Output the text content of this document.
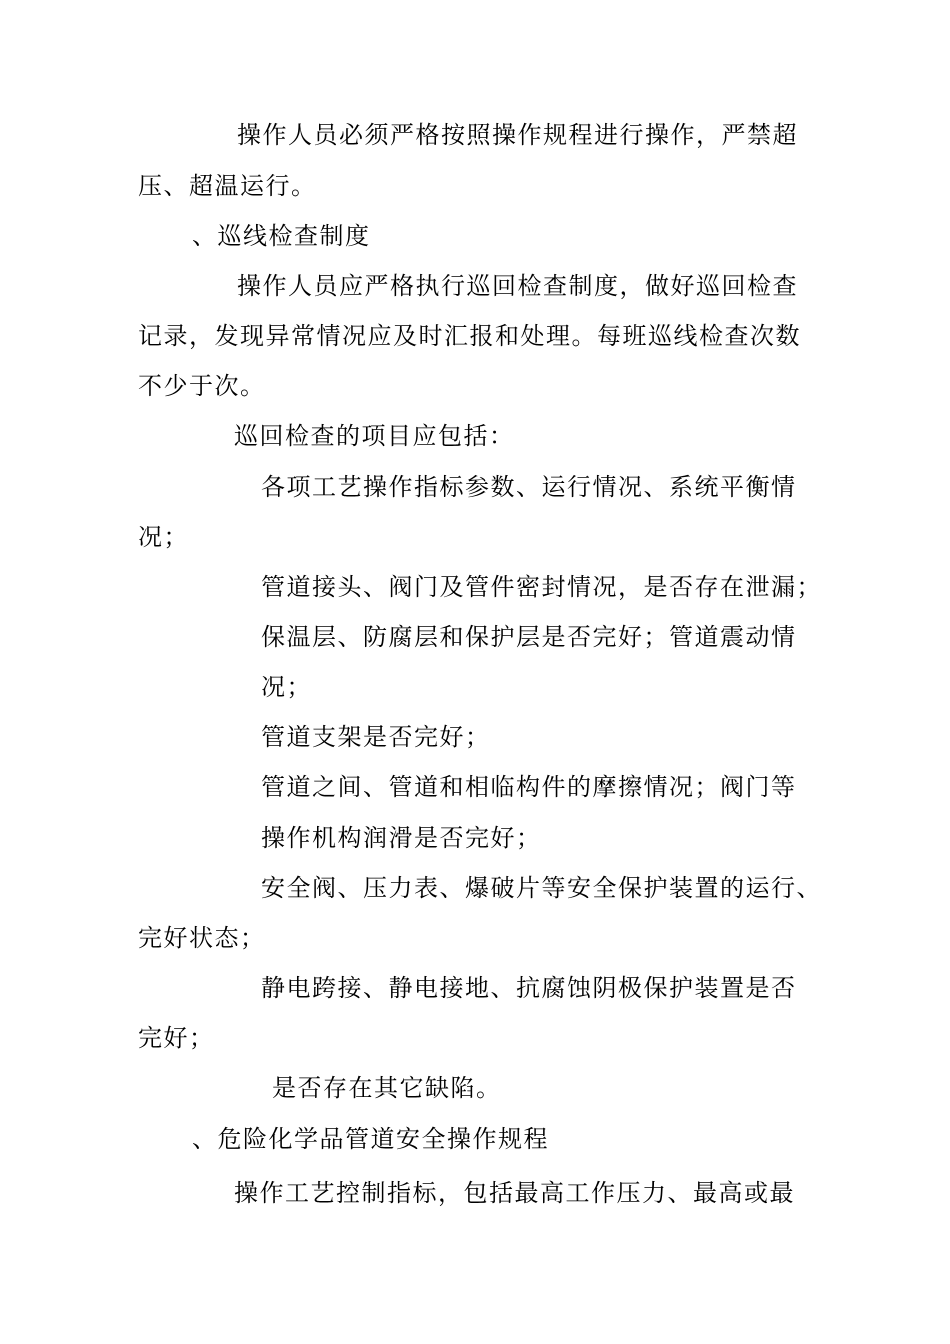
操作人员必须严格按照操作规程进行操作，严禁超
压、超温运行。
、巡线检查制度
操作人员应严格执行巡回检查制度，做好巡回检查
记录，发现异常情况应及时汇报和处理。每班巡线检查次数
不少于次。
巡回检查的项目应包括：
各项工艺操作指标参数、运行情况、系统平衡情
况；
管道接头、阀门及管件密封情况，是否存在泄漏；
保温层、防腐层和保护层是否完好；管道震动情
况；
管道支架是否完好；
管道之间、管道和相临构件的摩擦情况；阀门等
操作机构润滑是否完好；
安全阀、压力表、爆破片等安全保护装置的运行、
完好状态；
静电跨接、静电接地、抗腐蚀阴极保护装置是否
完好；
是否存在其它缺陷。
、危险化学品管道安全操作规程
操作工艺控制指标，包括最高工作压力、最高或最
